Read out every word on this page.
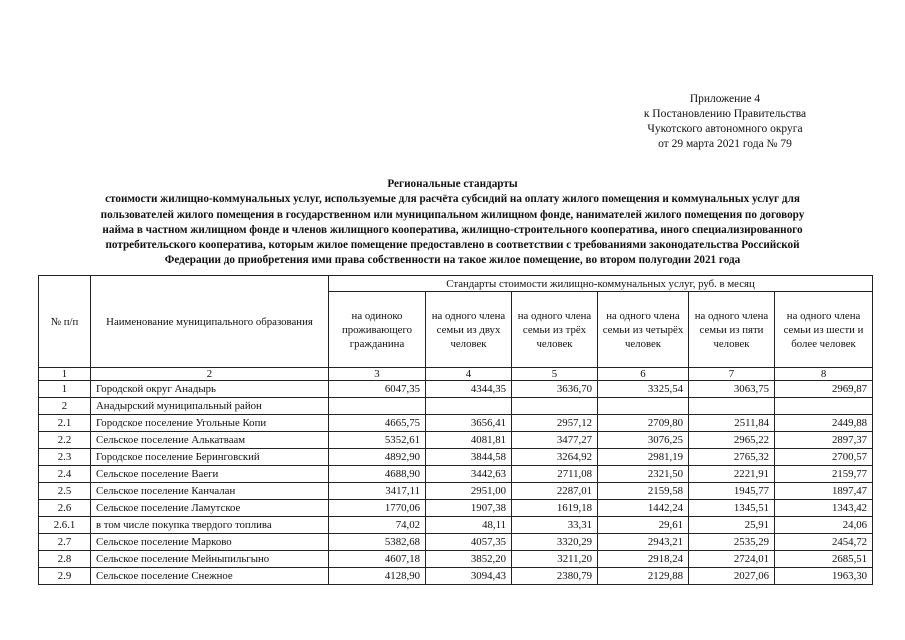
Приложение 4
к Постановлению Правительства
Чукотского автономного округа
от 29 марта 2021 года № 79
Региональные стандарты
стоимости жилищно-коммунальных услуг, используемые для расчёта субсидий на оплату жилого помещения и коммунальных услуг для
пользователей жилого помещения в государственном или муниципальном жилищном фонде, нанимателей жилого помещения по договору
найма в частном жилищном фонде и членов жилищного кооператива, жилищно-строительного кооператива, иного специализированного
потребительского кооператива, которым жилое помещение предоставлено в соответствии с требованиями законодательства Российской
Федерации до приобретения ими права собственности на такое жилое помещение, во втором полугодии 2021 года
№ п/п	Наименование муниципального образования	Стандарты стоимости жилищно-коммунальных услуг, руб. в месяц					
		на одиноко проживающего гражданина	на одного члена семьи из двух человек	на одного члена семьи из трёх человек	на одного члена семьи из четырёх человек	на одного члена семьи из пяти человек	на одного члена семьи из шести и более человек
1	2	3	4	5	6	7	8
1	Городской округ Анадырь	6047,35	4344,35	3636,70	3325,54	3063,75	2969,87
2	Анадырский муниципальный район						
2.1	Городское поселение Угольные Копи	4665,75	3656,41	2957,12	2709,80	2511,84	2449,88
2.2	Сельское поселение Алькатваам	5352,61	4081,81	3477,27	3076,25	2965,22	2897,37
2.3	Городское поселение Беринговский	4892,90	3844,58	3264,92	2981,19	2765,32	2700,57
2.4	Сельское поселение Ваеги	4688,90	3442,63	2711,08	2321,50	2221,91	2159,77
2.5	Сельское поселение Канчалан	3417,11	2951,00	2287,01	2159,58	1945,77	1897,47
2.6	Сельское поселение Ламутское	1770,06	1907,38	1619,18	1442,24	1345,51	1343,42
2.6.1	в том числе покупка твердого топлива	74,02	48,11	33,31	29,61	25,91	24,06
2.7	Сельское поселение Марково	5382,68	4057,35	3320,29	2943,21	2535,29	2454,72
2.8	Сельское поселение Мейныпильгыно	4607,18	3852,20	3211,20	2918,24	2724,01	2685,51
2.9	Сельское поселение Снежное	4128,90	3094,43	2380,79	2129,88	2027,06	1963,30
